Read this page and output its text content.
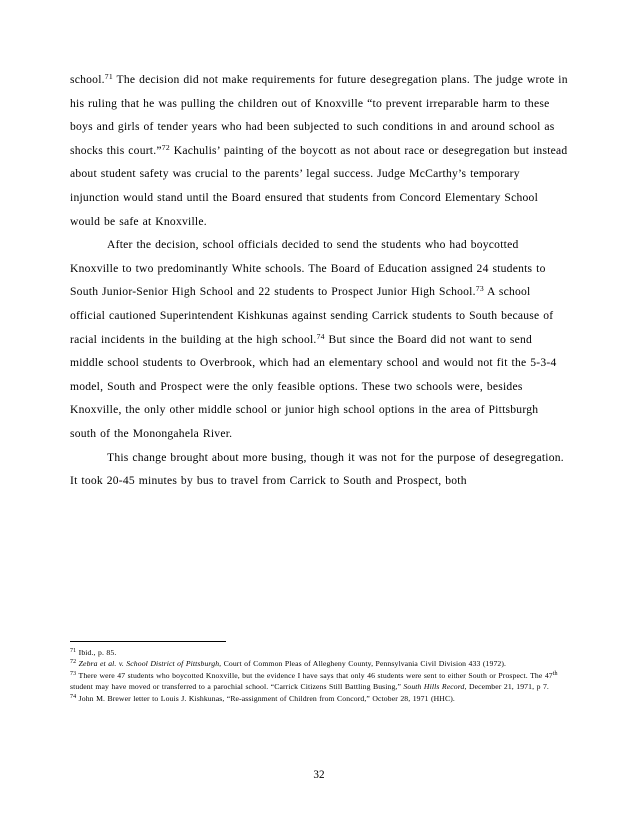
school.$^{71}$ The decision did not make requirements for future desegregation plans. The judge wrote in his ruling that he was pulling the children out of Knoxville “to prevent irreparable harm to these boys and girls of tender years who had been subjected to such conditions in and around school as shocks this court.”$^{72}$ Kachulis’ painting of the boycott as not about race or desegregation but instead about student safety was crucial to the parents’ legal success. Judge McCarthy’s temporary injunction would stand until the Board ensured that students from Concord Elementary School would be safe at Knoxville.

After the decision, school officials decided to send the students who had boycotted Knoxville to two predominantly White schools. The Board of Education assigned 24 students to South Junior-Senior High School and 22 students to Prospect Junior High School.$^{73}$ A school official cautioned Superintendent Kishkunas against sending Carrick students to South because of racial incidents in the building at the high school.$^{74}$ But since the Board did not want to send middle school students to Overbrook, which had an elementary school and would not fit the 5-3-4 model, South and Prospect were the only feasible options. These two schools were, besides Knoxville, the only other middle school or junior high school options in the area of Pittsburgh south of the Monongahela River.

This change brought about more busing, though it was not for the purpose of desegregation. It took 20-45 minutes by bus to travel from Carrick to South and Prospect, both

$^{71}$ Ibid., p. 85.

$^{72}$ Zebra et al. v. School District of Pittsburgh, Court of Common Pleas of Allegheny County, Pennsylvania Civil Division 433 (1972).

$^{73}$ There were 47 students who boycotted Knoxville, but the evidence I have says that only 46 students were sent to either South or Prospect. The 47th student may have moved or transferred to a parochial school. “Carrick Citizens Still Battling Busing,” South Hills Record, December 21, 1971, p 7.

$^{74}$ John M. Brewer letter to Louis J. Kishkunas, “Re-assignment of Children from Concord,” October 28, 1971 (HHC).

32
